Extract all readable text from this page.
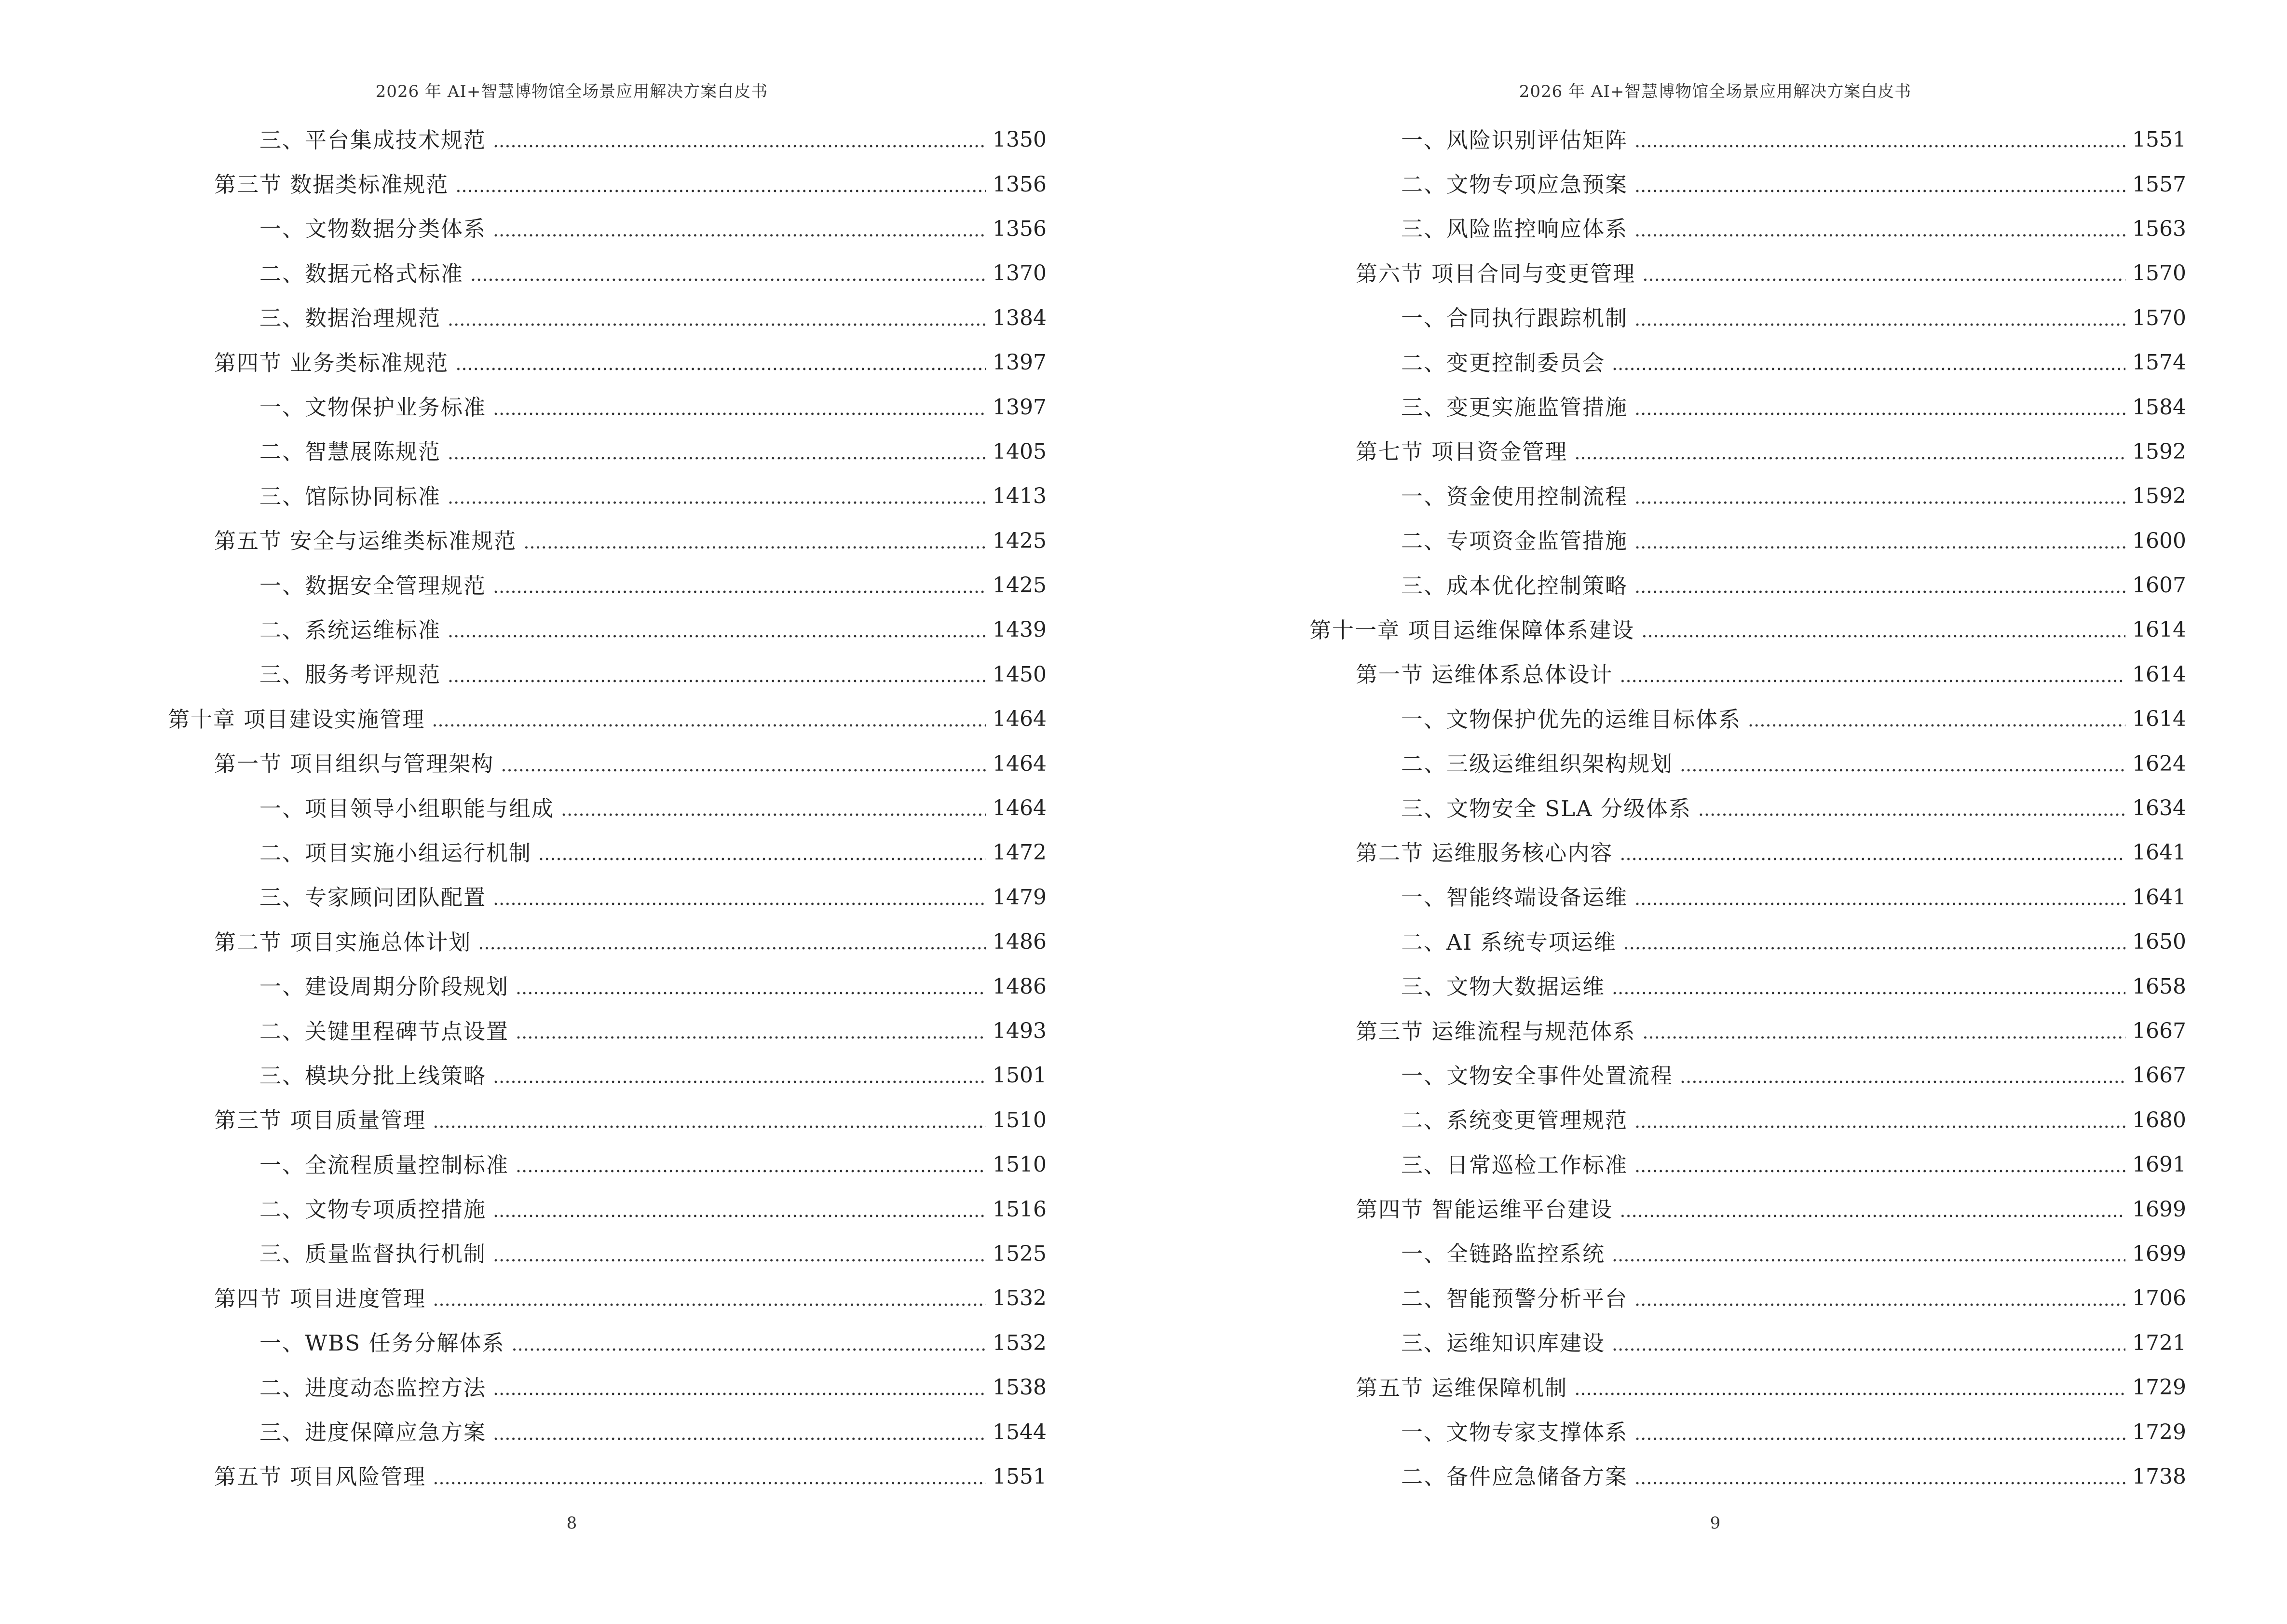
2026 年 AI+智慧博物馆全场景应用解决方案白皮书
三、平台集成技术规范 . . .	1350
第三节 数据类标准规范 . . .	1356
一、文物数据分类体系 . . .	1356
二、数据元格式标准 . . .	1370
三、数据治理规范 . . .	1384
第四节 业务类标准规范 . . .	1397
一、文物保护业务标准 . . .	1397
二、智慧展陈规范 . . .	1405
三、馆际协同标准 . . .	1413
第五节 安全与运维类标准规范 . . .	1425
一、数据安全管理规范 . . .	1425
二、系统运维标准 . . .	1439
三、服务考评规范 . . .	1450
第十章 项目建设实施管理 . . .	1464
第一节 项目组织与管理架构 . . .	1464
一、项目领导小组职能与组成 . . .	1464
二、项目实施小组运行机制 . . .	1472
三、专家顾问团队配置 . . .	1479
第二节 项目实施总体计划 . . .	1486
一、建设周期分阶段规划 . . .	1486
二、关键里程碑节点设置 . . .	1493
三、模块分批上线策略 . . .	1501
第三节 项目质量管理 . . .	1510
一、全流程质量控制标准 . . .	1510
二、文物专项质控措施 . . .	1516
三、质量监督执行机制 . . .	1525
第四节 项目进度管理 . . .	1532
一、WBS 任务分解体系 . . .	1532
二、进度动态监控方法 . . .	1538
三、进度保障应急方案 . . .	1544
第五节 项目风险管理 . . .	1551
8
2026 年 AI+智慧博物馆全场景应用解决方案白皮书
一、风险识别评估矩阵 . . .	1551
二、文物专项应急预案 . . .	1557
三、风险监控响应体系 . . .	1563
第六节 项目合同与变更管理 . . .	1570
一、合同执行跟踪机制 . . .	1570
二、变更控制委员会 . . .	1574
三、变更实施监管措施 . . .	1584
第七节 项目资金管理 . . .	1592
一、资金使用控制流程 . . .	1592
二、专项资金监管措施 . . .	1600
三、成本优化控制策略 . . .	1607
第十一章 项目运维保障体系建设 . . .	1614
第一节 运维体系总体设计 . . .	1614
一、文物保护优先的运维目标体系 . . .	1614
二、三级运维组织架构规划 . . .	1624
三、文物安全 SLA 分级体系 . . .	1634
第二节 运维服务核心内容 . . .	1641
一、智能终端设备运维 . . .	1641
二、AI 系统专项运维 . . .	1650
三、文物大数据运维 . . .	1658
第三节 运维流程与规范体系 . . .	1667
一、文物安全事件处置流程 . . .	1667
二、系统变更管理规范 . . .	1680
三、日常巡检工作标准 . . .	1691
第四节 智能运维平台建设 . . .	1699
一、全链路监控系统 . . .	1699
二、智能预警分析平台 . . .	1706
三、运维知识库建设 . . .	1721
第五节 运维保障机制 . . .	1729
一、文物专家支撑体系 . . .	1729
二、备件应急储备方案 . . .	1738
9
